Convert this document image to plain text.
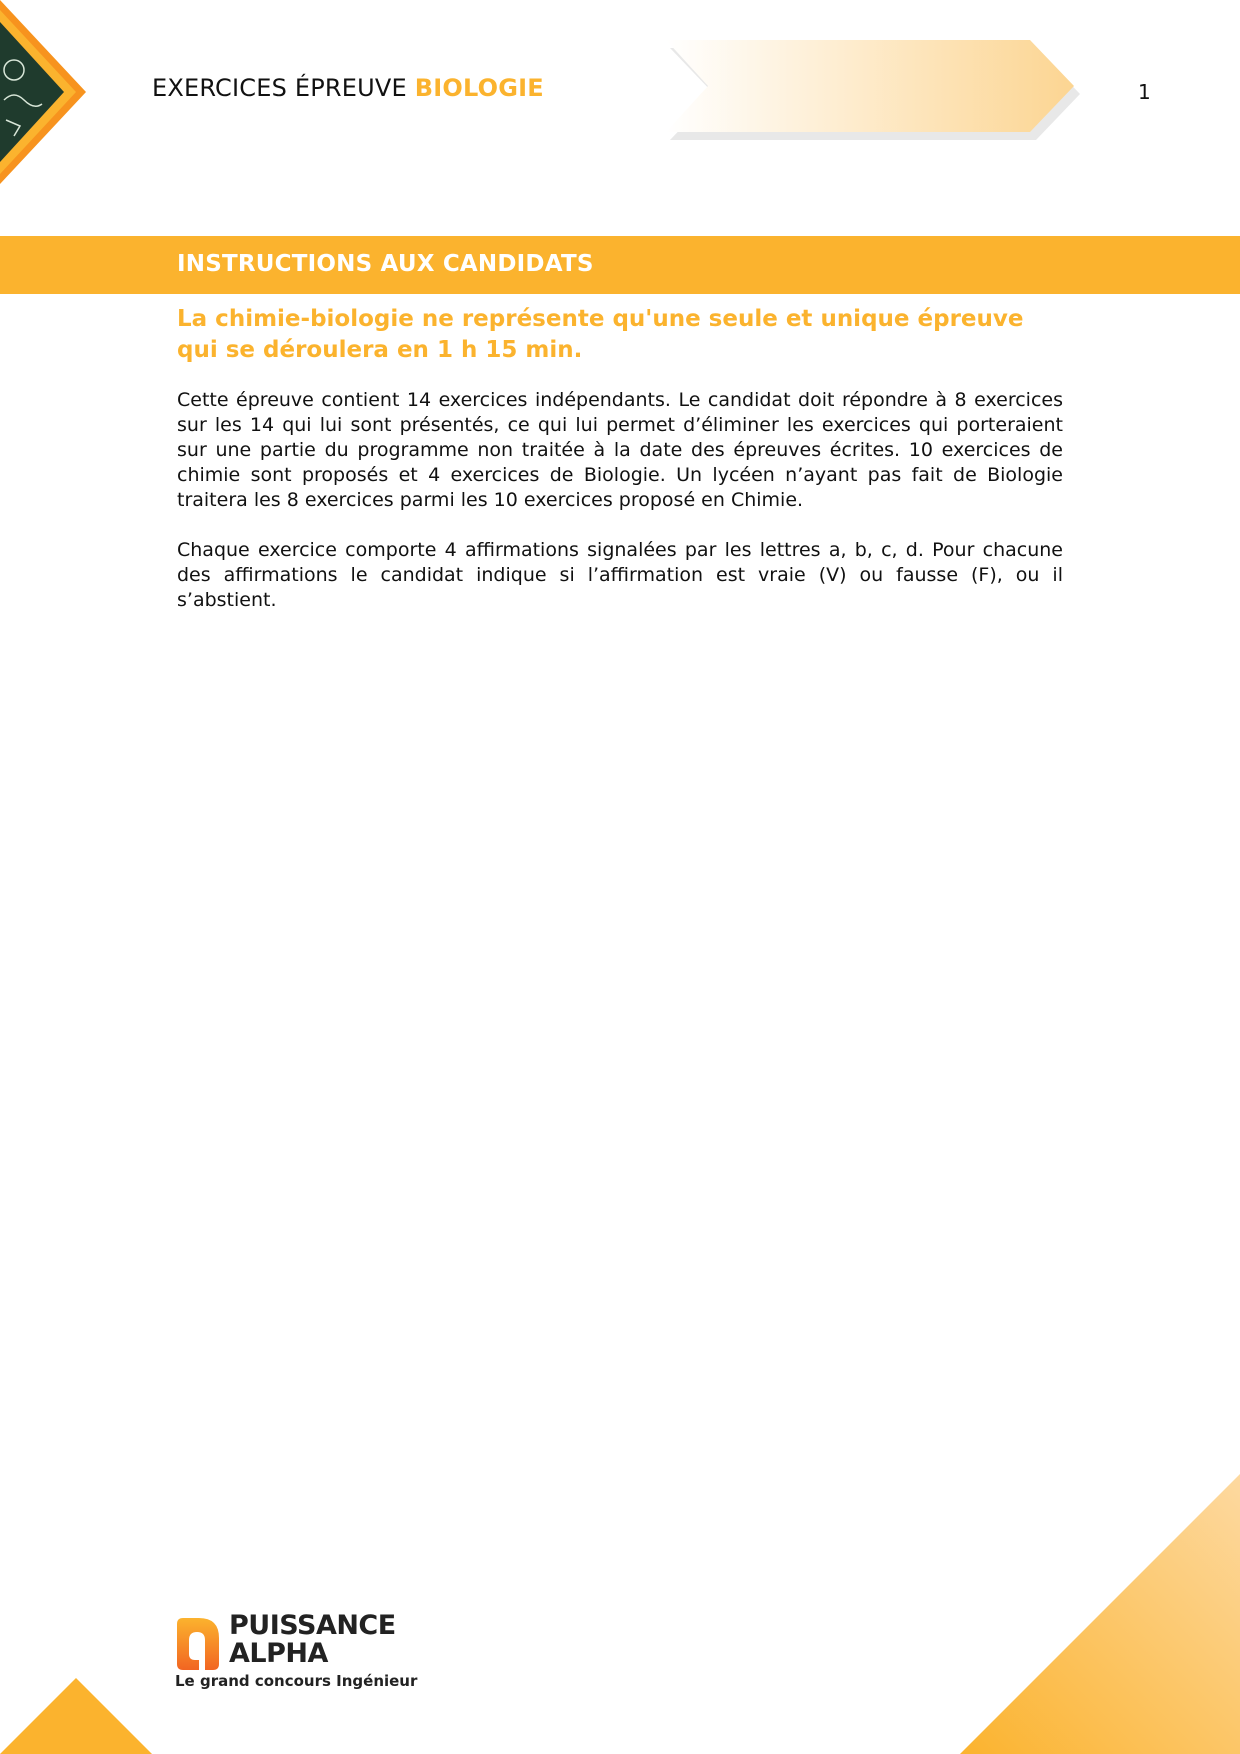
EXERCICES ÉPREUVE BIOLOGIE	1
INSTRUCTIONS AUX CANDIDATS

La chimie-biologie ne représente qu'une seule et unique épreuve qui se déroulera en 1 h 15 min.

Cette épreuve contient 14 exercices indépendants. Le candidat doit répondre à 8 exercices sur les 14 qui lui sont présentés, ce qui lui permet d’éliminer les exercices qui porteraient sur une partie du programme non traitée à la date des épreuves écrites. 10 exercices de chimie sont proposés et 4 exercices de Biologie. Un lycéen n’ayant pas fait de Biologie traitera les 8 exercices parmi les 10 exercices proposé en Chimie.

Chaque exercice comporte 4 affirmations signalées par les lettres a, b, c, d. Pour chacune des affirmations le candidat indique si l’affirmation est vraie (V) ou fausse (F), ou il s’abstient.

PUISSANCE
ALPHA
Le grand concours Ingénieur
